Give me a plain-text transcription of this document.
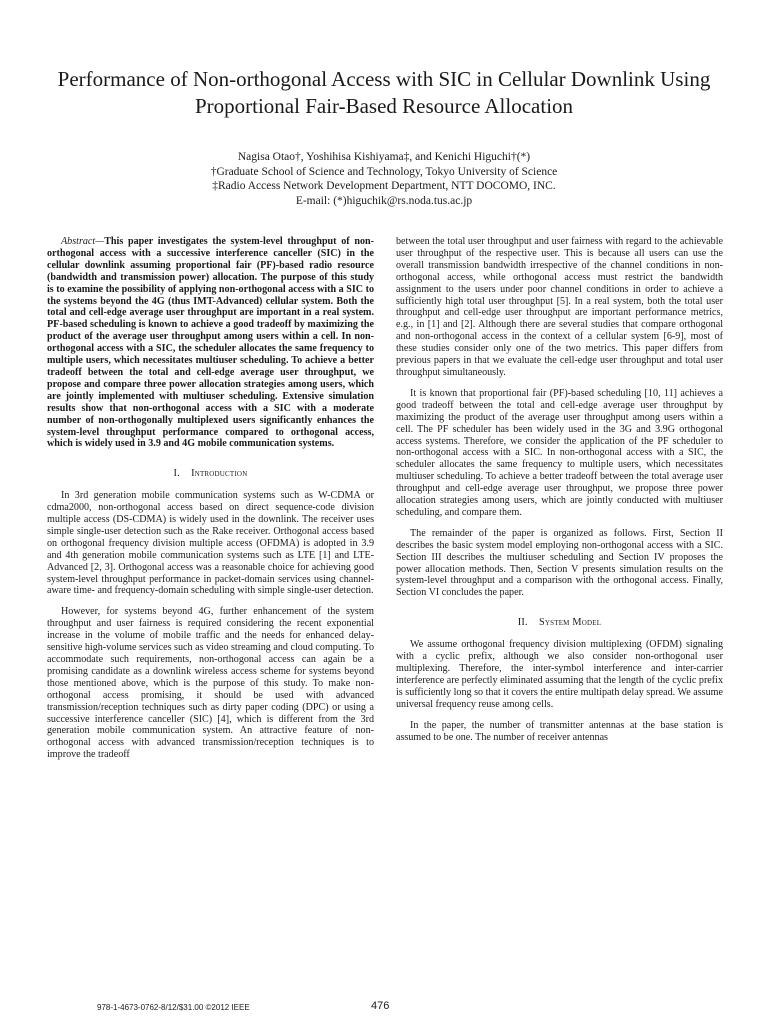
Performance of Non-orthogonal Access with SIC in Cellular Downlink Using Proportional Fair-Based Resource Allocation
Nagisa Otao†, Yoshihisa Kishiyama‡, and Kenichi Higuchi†(*)
†Graduate School of Science and Technology, Tokyo University of Science
‡Radio Access Network Development Department, NTT DOCOMO, INC.
E-mail: (*)higuchik@rs.noda.tus.ac.jp

Abstract—This paper investigates the system-level throughput of non-orthogonal access with a successive interference canceller (SIC) in the cellular downlink assuming proportional fair (PF)-based radio resource (bandwidth and transmission power) allocation. The purpose of this study is to examine the possibility of applying non-orthogonal access with a SIC to the systems beyond the 4G (thus IMT-Advanced) cellular system. Both the total and cell-edge average user throughput are important in a real system. PF-based scheduling is known to achieve a good tradeoff by maximizing the product of the average user throughput among users within a cell. In non-orthogonal access with a SIC, the scheduler allocates the same frequency to multiple users, which necessitates multiuser scheduling. To achieve a better tradeoff between the total and cell-edge average user throughput, we propose and compare three power allocation strategies among users, which are jointly implemented with multiuser scheduling. Extensive simulation results show that non-orthogonal access with a SIC with a moderate number of non-orthogonally multiplexed users significantly enhances the system-level throughput performance compared to orthogonal access, which is widely used in 3.9 and 4G mobile communication systems.

I. Introduction

In 3rd generation mobile communication systems such as W-CDMA or cdma2000, non-orthogonal access based on direct sequence-code division multiple access (DS-CDMA) is widely used in the downlink. The receiver uses simple single-user detection such as the Rake receiver. Orthogonal access based on orthogonal frequency division multiple access (OFDMA) is adopted in 3.9 and 4th generation mobile communication systems such as LTE [1] and LTE-Advanced [2, 3]. Orthogonal access was a reasonable choice for achieving good system-level throughput performance in packet-domain services using channel-aware time- and frequency-domain scheduling with simple single-user detection.

However, for systems beyond 4G, further enhancement of the system throughput and user fairness is required considering the recent exponential increase in the volume of mobile traffic and the needs for enhanced delay-sensitive high-volume services such as video streaming and cloud computing. To accommodate such requirements, non-orthogonal access can again be a promising candidate as a downlink wireless access scheme for systems beyond those mentioned above, which is the purpose of this study. To make non-orthogonal access promising, it should be used with advanced transmission/reception techniques such as dirty paper coding (DPC) or using a successive interference canceller (SIC) [4], which is different from the 3rd generation mobile communication system. An attractive feature of non-orthogonal access with advanced transmission/reception techniques is to improve the tradeoff

between the total user throughput and user fairness with regard to the achievable user throughput of the respective user. This is because all users can use the overall transmission bandwidth irrespective of the channel conditions in non-orthogonal access, while orthogonal access must restrict the bandwidth assignment to the users under poor channel conditions in order to achieve a sufficiently high total user throughput [5]. In a real system, both the total user throughput and cell-edge user throughput are important performance metrics, e.g., in [1] and [2]. Although there are several studies that compare orthogonal and non-orthogonal access in the context of a cellular system [6-9], most of these studies consider only one of the two metrics. This paper differs from previous papers in that we evaluate the cell-edge user throughput and total user throughput simultaneously.

It is known that proportional fair (PF)-based scheduling [10, 11] achieves a good tradeoff between the total and cell-edge average user throughput by maximizing the product of the average user throughput among users within a cell. The PF scheduler has been widely used in the 3G and 3.9G orthogonal access systems. Therefore, we consider the application of the PF scheduler to non-orthogonal access with a SIC. In non-orthogonal access with a SIC, the scheduler allocates the same frequency to multiple users, which necessitates multiuser scheduling. To achieve a better tradeoff between the total average user throughput and cell-edge average user throughput, we propose three power allocation strategies among users, which are jointly conducted with multiuser scheduling, and compare them.

The remainder of the paper is organized as follows. First, Section II describes the basic system model employing non-orthogonal access with a SIC. Section III describes the multiuser scheduling and Section IV proposes the power allocation methods. Then, Section V presents simulation results on the system-level throughput and a comparison with the orthogonal access. Finally, Section VI concludes the paper.

II. System Model

We assume orthogonal frequency division multiplexing (OFDM) signaling with a cyclic prefix, although we also consider non-orthogonal user multiplexing. Therefore, the inter-symbol interference and inter-carrier interference are perfectly eliminated assuming that the length of the cyclic prefix is sufficiently long so that it covers the entire multipath delay spread. We assume universal frequency reuse among cells.

In the paper, the number of transmitter antennas at the base station is assumed to be one. The number of receiver antennas

978-1-4673-0762-8/12/$31.00 ©2012 IEEE	476
